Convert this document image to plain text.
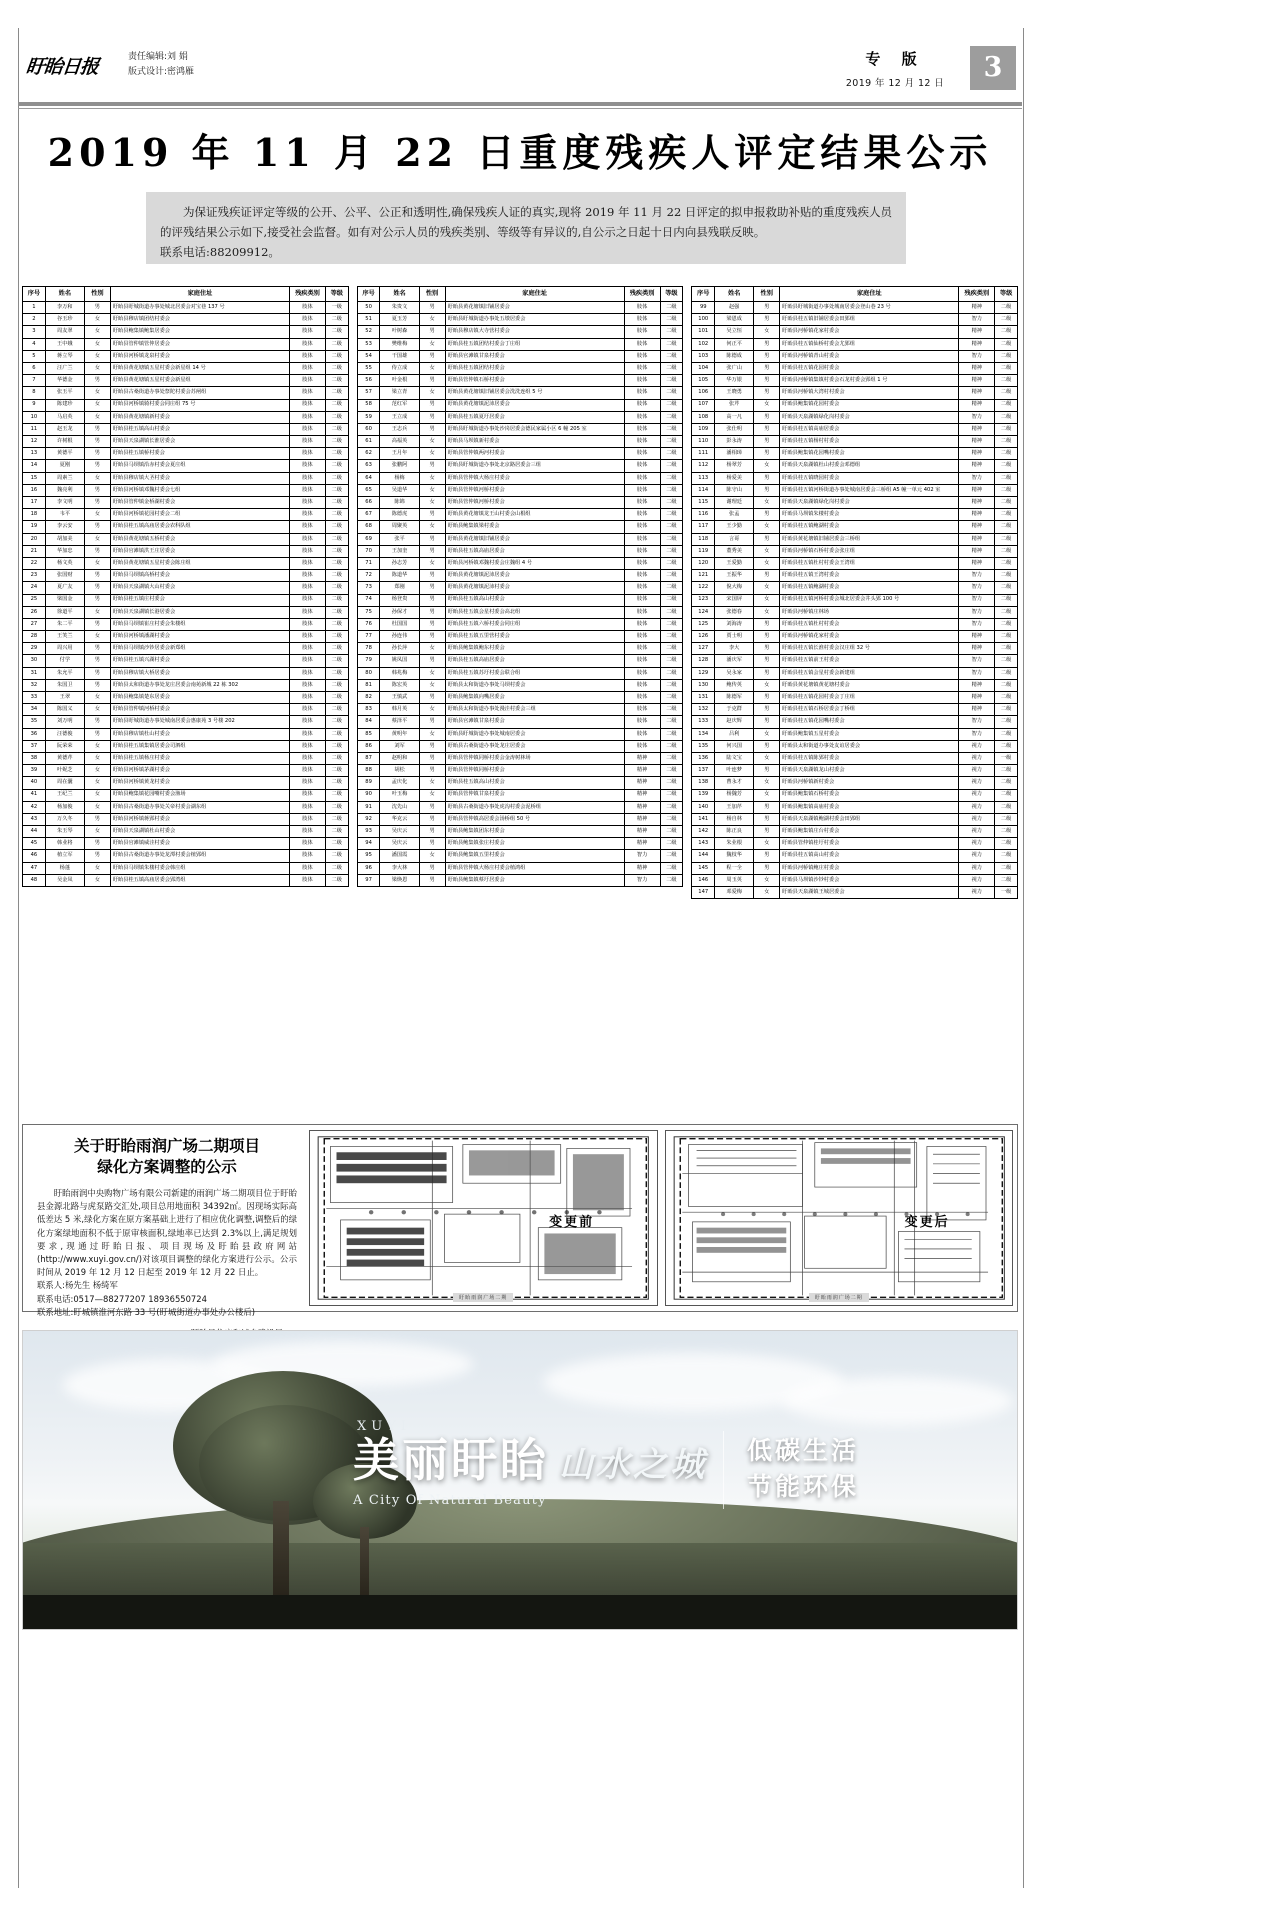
盱眙日报	责任编辑:刘 娟
版式设计:密鸿雁
专 版
2019 年 12 月 12 日
3
2019 年 11 月 22 日重度残疾人评定结果公示

为保证残疾证评定等级的公开、公平、公正和透明性,确保残疾人证的真实,现将 2019 年 11 月 22 日评定的拟申报救助补贴的重度残疾人员的评残结果公示如下,接受社会监督。如有对公示人员的残疾类别、等级等有异议的,自公示之日起十日内向县残联反映。

联系电话:88209912。

序号	姓名	性别	家庭住址	残疾类别	等级
1	李万和	男	盱眙县盱城街道办事处城北居委会对宝巷 137 号	肢体	一级
2	谷玉珍	女	盱眙县穆店镇团结村委会	肢体	二级
3	周友翠	女	盱眙县鲍集镇鲍集居委会	肢体	二级
4	王中娥	女	盱眙县管仲镇管仲居委会	肢体	二级
5	蒋立琴	女	盱眙县河桥镇龙泉村委会	肢体	二级
6	汪广兰	女	盱眙县黄花塘镇五星村委会新星组 14 号	肢体	二级
7	华德金	男	盱眙县黄花塘镇五星村委会新星组	肢体	二级
8	张玉平	女	盱眙县古桑街道办事处祭陀村委会苏闸组	肢体	二级
9	陈建珍	女	盱眙县河桥镇骑村委会同庄组 75 号	肢体	二级
10	马启英	女	盱眙县黄花塘镇新村委会	肢体	二级
11	赵玉龙	男	盱眙县桂五镇高山村委会	肢体	二级
12	许树根	男	盱眙县天泉湖镇长淮居委会	肢体	二级
13	黄德平	男	盱眙县桂五镇桥村委会	肢体	二级
14	夏刚	男	盱眙县马坝镇沿赤村委会夏庄组	肢体	二级
15	周素兰	女	盱眙县穆店镇大圣村委会	肢体	二级
16	魏亮利	男	盱眙县河桥镇邓魏村委会七组	肢体	二级
17	李文明	男	盱眙县管仲镇金桥湖村委会	肢体	二级
18	韦平	女	盱眙县河桥镇花园村委会二组	肢体	二级
19	李云安	男	盱眙县桂五镇高庙居委会农科队组	肢体	二级
20	胡加美	女	盱眙县黄花塘镇五桥村委会	肢体	二级
21	华加忠	男	盱眙县官滩镇洪王庄居委会	肢体	二级
22	杨文英	女	盱眙县黄花塘镇五星村委会陈庄组	肢体	二级
23	张国财	男	盱眙县马坝镇高桥村委会	肢体	二级
24	夏广友	男	盱眙县天泉湖镇大山村委会	肢体	二级
25	梁国金	男	盱眙县桂五镇庄村委会	肢体	二级
26	徐道平	女	盱眙县天泉湖镇长港居委会	肢体	二级
27	朱二平	男	盱眙县马坝镇崔庄村委会朱楼组	肢体	二级
28	王笑兰	女	盱眙县河桥镇潘湖村委会	肢体	二级
29	周兴用	男	盱眙县马坝镇沙钞居委会新郑组	肢体	二级
30	付学	男	盱眙县桂五镇兴湖村委会	肢体	二级
31	朱允平	男	盱眙县穆店镇大桥居委会	肢体	二级
32	朱国卫	男	盱眙县太和街道办事处龙庄居委会南苑新城 22 栋 302	肢体	二级
33	王翠	女	盱眙县鲍集镇楚东居委会	肢体	二级
34	陈国义	女	盱眙县管仲镇河桥村委会	肢体	二级
35	刘万明	男	盱眙县盱城街道办事处城南居委会惠康苑 3 号楼 202	肢体	二级
36	汪德俊	男	盱眙县穆店镇杜山村委会	肢体	二级
37	阮荣荣	女	盱眙县桂五镇集镇居委会司泗组	肢体	二级
38	黄德芹	女	盱眙县桂五镇杨庄村委会	肢体	二级
39	叶妮芝	女	盱眙县河桥镇茅湖村委会	肢体	二级
40	周在囊	女	盱眙县河桥镇黄龙村委会	肢体	二级
41	王纪兰	女	盱眙县鲍集镇花园嘴村委会渔场	肢体	二级
42	杨加俊	女	盱眙县古桑街道办事处关帝村委会湖东组	肢体	二级
43	万久冬	男	盱眙县河桥镇蒋郢村委会	肢体	二级
44	朱玉琴	女	盱眙县天泉湖镇杜山村委会	肢体	二级
45	韩业将	男	盱眙县官滩镇威洼村委会	肢体	二级
46	植立军	男	盱眙县古桑街道办事处龙潭村委会植郢组	肢体	二级
47	杨蓬	女	盱眙县马坝镇朱楼村委会韩庄组	肢体	二级
48	吴金凤	女	盱眙县桂五镇高庙居委会郢湾组	肢体	二级
序号	姓名	性别	家庭住址	残疾类别	等级
50	朱贵文	男	盱眙县黄花塘镇旧铺居委会	肢体	二级
51	夏玉芳	女	盱眙县盱城街道办事处五墩居委会	肢体	二级
52	叶树森	男	盱眙县穆店镇大寺营村委会	肢体	二级
53	樊维梅	女	盱眙县桂五镇团结村委会丁庄组	肢体	二级
54	干国雄	男	盱眙县官滩镇甘泉村委会	肢体	二级
55	侍立成	女	盱眙县桂五镇团结村委会	肢体	二级
56	叶金根	男	盱眙县管仲镇石桥村委会	肢体	二级
57	梁立青	女	盱眙县黄花塘镇旧铺居委会洗洗连组 5 号	肢体	二级
58	范红军	男	盱眙县黄花塘镇泥沛居委会	肢体	二级
59	王立成	男	盱眙县桂五镇夏圩居委会	肢体	二级
60	王志兵	男	盱眙县盱城街道办事处沙岗居委会德民家属小区 6 幢 205 室	肢体	二级
61	高福英	女	盱眙县马坝镇新村委会	肢体	二级
62	王月年	女	盱眙县管仲镇两河村委会	肢体	二级
63	张鹏阿	男	盱眙县盱城街道办事处北京路居委会三组	肢体	二级
64	杨梅	女	盱眙县管仲镇大杨庄村委会	肢体	二级
65	吴道华	女	盱眙县管仲镇河桥村委会	肢体	二级
66	陈锦	女	盱眙县管仲镇河桥村委会	肢体	二级
67	陈德虎	男	盱眙县黄花塘镇龙王山村委会山根组	肢体	二级
68	周聚英	女	盱眙县鲍集镇梁村委会	肢体	二级
69	张平	男	盱眙县黄花塘镇旧铺居委会	肢体	二级
70	王加奎	男	盱眙县桂五镇高庙居委会	肢体	二级
71	孙志芳	女	盱眙县河桥镇邓魏村委会庄魏组 4 号	肢体	二级
72	陈道华	男	盱眙县黄花塘镇泥沛居委会	肢体	二级
73	郑刚	男	盱眙县黄花塘镇泥沛村委会	肢体	二级
74	杨登贵	男	盱眙县桂五镇高山村委会	肢体	二级
75	孙保才	男	盱眙县桂五镇会星村委会高北组	肢体	二级
76	杜国国	男	盱眙县桂五镇六桥村委会同庄组	肢体	二级
77	孙连伟	男	盱眙县桂五镇五里营村委会	肢体	二级
78	孙长萍	女	盱眙县鲍集镇鲍东村委会	肢体	二级
79	姚凤国	男	盱眙县桂五镇高庙居委会	肢体	二级
80	韩兆梅	女	盱眙县桂五镇苏圩村委会联合组	肢体	二级
81	陈宏英	女	盱眙县太和街道办事处马坝村委会	肢体	二级
82	王慎武	男	盱眙县鲍集镇向嘴居委会	肢体	二级
83	韩月英	女	盱眙县太和街道办事处漫洼村委会三组	肢体	二级
84	蔡泽平	男	盱眙县官滩镇甘泉村委会	肢体	二级
85	黄明年	女	盱眙县盱城街道办事处城南居委会	肢体	二级
86	刘军	男	盱眙县古桑街道办事处龙庄居委会	肢体	二级
87	赵明和	男	盱眙县管仲镇同桥村委会金涛树林场	精神	二级
88	胡松	男	盱眙县管仲镇同桥村委会	精神	二级
89	孟庆化	女	盱眙县桂五镇高山村委会	精神	二级
90	叶玉梅	女	盱眙县管仲镇甘泉村委会	精神	二级
91	沈先山	男	盱眙县古桑街道办事处虎沟村委会泥桥组	精神	二级
92	华克云	男	盱眙县管仲镇高居委会汤桥组 50 号	精神	二级
93	吴庆云	男	盱眙县鲍集镇团东村委会	精神	二级
94	吴庆云	男	盱眙县鲍集镇张庄村委会	精神	二级
95	潘国霞	女	盱眙县鲍集镇五里村委会	智力	二级
96	李大林	男	盱眙县管仲镇大杨庄村委会植鸿组	精神	二级
97	梁焕恩	男	盱眙县鲍集镇蔡圩居委会	智力	二级
序号	姓名	性别	家庭住址	残疾类别	等级
99	赵强	男	盱眙县盱城街道办事处城南居委会登山巷 23 号	精神	二级
100	梁恩成	男	盱眙县桂五镇旧铺居委会田郢组	智力	二级
101	吴立恒	女	盱眙县河桥镇花家村委会	精神	二级
102	何正平	男	盱眙县桂五镇仙桥村委会尤郢组	精神	二级
103	陈德成	男	盱眙县河桥镇青山村委会	智力	二级
104	张广山	男	盱眙县桂五镇花园村委会	精神	二级
105	华万银	男	盱眙县河桥镇集镇村委会石龙村委会郢组 1 号	精神	二级
106	王晓勇	男	盱眙县河桥镇大湾村村委会	精神	二级
107	张芹	女	盱眙县鲍集镇花园村委会	精神	二级
108	高一凡	男	盱眙县天泉湖镇绿化岗村委会	智力	二级
109	张仕明	男	盱眙县桂五镇高庙居委会	精神	二级
110	彭永涛	男	盱眙县桂五镇杨村村委会	精神	二级
111	潘相璋	男	盱眙县鲍集镇花园嘴村委会	精神	二级
112	杨翠芳	女	盱眙县天泉湖镇杜山村委会邓德组	精神	二级
113	杨爱美	男	盱眙县桂五镇晓园村委会	智力	二级
114	陈守山	男	盱眙县桂五镇河桥街道办事处城南居委会三桥组 A5 幢一单元 402 室	精神	二级
115	谢理廷	女	盱眙县天泉湖镇绿化岗村委会	精神	二级
116	张孟	男	盱眙县马坝镇朱楼村委会	精神	二级
117	王少勤	女	盱眙县桂五镇鲍湖村委会	精神	二级
118	言哥	男	盱眙县黄花塘镇旧铺居委会三桥组	精神	二级
119	董秀美	女	盱眙县河桥镇石桥村委会张庄组	精神	二级
120	王爱勤	女	盱眙县桂五镇杜村村委会王湾组	精神	二级
121	王振华	男	盱眙县桂五镇王湾村委会	智力	二级
122	倪大梅	女	盱眙县桂五镇鲍湖村委会	智力	二级
123	宋国屏	女	盱眙县桂五镇河桥村委会城北居委会井头郢 100 号	智力	二级
124	张德春	女	盱眙县河桥镇庄林场	智力	二级
125	刘海涛	男	盱眙县桂五镇杜村村委会	智力	二级
126	贾士明	男	盱眙县河桥镇花家村委会	精神	二级
127	李大	男	盱眙县桂五镇长淮村委会汉庄组 32 号	精神	二级
128	潘庆军	男	盱眙县桂五镇前王村委会	智力	二级
129	吴永家	男	盱眙县桂五镇会星村委会新建组	智力	二级
130	鲍传英	女	盱眙县黄花塘镇黄花塘村委会	精神	二级
131	陈德军	男	盱眙县桂五镇花园村委会丁庄组	精神	二级
132	于克群	男	盱眙县桂五镇石桥居委会丁桥组	精神	二级
133	赵庆辉	男	盱眙县桂五镇花园嘴村委会	智力	二级
134	吕利	女	盱眙县鲍集镇五星村委会	智力	二级
135	何兴国	男	盱眙县太和街道办事处友谊居委会	视力	二级
136	陆文宝	女	盱眙县桂五镇陈郢村委会	视力	一级
137	叶连梦	男	盱眙县天泉湖镇龙山村委会	视力	二级
138	曹永才	女	盱眙县河桥镇新村委会	视力	二级
139	杨魏芳	女	盱眙县鲍集镇石桥村委会	视力	二级
140	王加芹	男	盱眙县鲍集镇高庙村委会	视力	二级
141	杨自林	男	盱眙县天泉湖镇鲍湖村委会田郢组	视力	二级
142	陈正良	男	盱眙县鲍集镇庄台村委会	视力	二级
143	朱业根	女	盱眙县管仲镇桂圩村委会	视力	二级
144	魏枝华	男	盱眙县桂五镇高山村委会	视力	二级
145	程一全	男	盱眙县河桥镇鲍庄村委会	视力	二级
146	周玉英	女	盱眙县马坝镇沙钞村委会	视力	二级
147	邓爱梅	女	盱眙县天泉湖镇王城居委会	视力	一级
关于盱眙雨润广场二期项目
绿化方案调整的公示

盱眙雨润中央购物广场有限公司新建的雨润广场二期项目位于盱眙县金源北路与虎泵路交汇处,项目总用地面积 34392㎡。因现场实际高低差达 5 米,绿化方案在原方案基础上进行了相应优化调整,调整后的绿化方案绿地面积不低于原审核面积,绿地率已达到 2.3%以上,满足规划要求,现通过盱眙日报、项目现场及盱眙县政府网站(http://www.xuyi.gov.cn/)对该项目调整的绿化方案进行公示。公示时间从 2019 年 12 月 12 日起至 2019 年 12 月 22 日止。

联系人:杨先生 杨绮军

联系电话:0517—88277207 18936550724

联系地址:盱城镇淮河东路 33 号(盱城街道办事处办公楼后)

变更前
盱眙雨润广场二期
变更后
盱眙雨润广场二期
XUYI
美丽盱眙 山水之城
A City Of Natural Beauty
低碳生活
节能环保
